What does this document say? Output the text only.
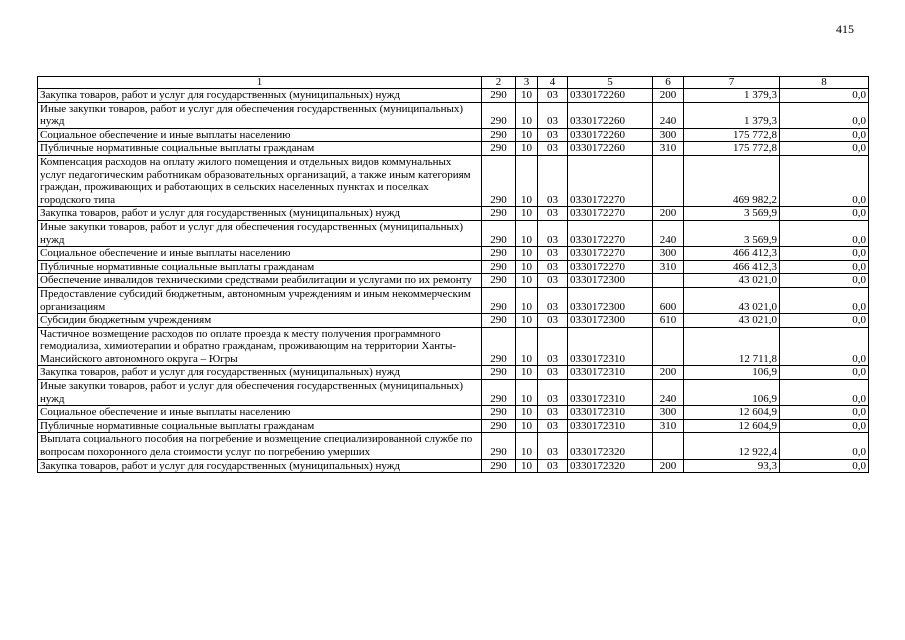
415
1	2	3	4	5	6	7	8
Закупка товаров, работ и услуг для государственных (муниципальных) нужд	290	10	03	0330172260	200	1 379,3	0,0
Иные закупки товаров, работ и услуг для обеспечения государственных (муниципальных) нужд	290	10	03	0330172260	240	1 379,3	0,0
Социальное обеспечение и иные выплаты населению	290	10	03	0330172260	300	175 772,8	0,0
Публичные нормативные социальные выплаты гражданам	290	10	03	0330172260	310	175 772,8	0,0
Компенсация расходов на оплату жилого помещения и отдельных видов коммунальных услуг педагогическим работникам образовательных организаций, а также иным категориям граждан, проживающих и работающих в сельских населенных пунктах и поселках городского типа	290	10	03	0330172270		469 982,2	0,0
Закупка товаров, работ и услуг для государственных (муниципальных) нужд	290	10	03	0330172270	200	3 569,9	0,0
Иные закупки товаров, работ и услуг для обеспечения государственных (муниципальных) нужд	290	10	03	0330172270	240	3 569,9	0,0
Социальное обеспечение и иные выплаты населению	290	10	03	0330172270	300	466 412,3	0,0
Публичные нормативные социальные выплаты гражданам	290	10	03	0330172270	310	466 412,3	0,0
Обеспечение инвалидов техническими средствами реабилитации и услугами по их ремонту	290	10	03	0330172300		43 021,0	0,0
Предоставление субсидий бюджетным, автономным учреждениям и иным некоммерческим организациям	290	10	03	0330172300	600	43 021,0	0,0
Субсидии бюджетным учреждениям	290	10	03	0330172300	610	43 021,0	0,0
Частичное возмещение расходов по оплате проезда к месту получения программного гемодиализа, химиотерапии и обратно гражданам, проживающим на территории Ханты-Мансийского автономного округа – Югры	290	10	03	0330172310		12 711,8	0,0
Закупка товаров, работ и услуг для государственных (муниципальных) нужд	290	10	03	0330172310	200	106,9	0,0
Иные закупки товаров, работ и услуг для обеспечения государственных (муниципальных) нужд	290	10	03	0330172310	240	106,9	0,0
Социальное обеспечение и иные выплаты населению	290	10	03	0330172310	300	12 604,9	0,0
Публичные нормативные социальные выплаты гражданам	290	10	03	0330172310	310	12 604,9	0,0
Выплата социального пособия на погребение и возмещение специализированной службе по вопросам похоронного дела стоимости услуг по погребению умерших	290	10	03	0330172320		12 922,4	0,0
Закупка товаров, работ и услуг для государственных (муниципальных) нужд	290	10	03	0330172320	200	93,3	0,0
